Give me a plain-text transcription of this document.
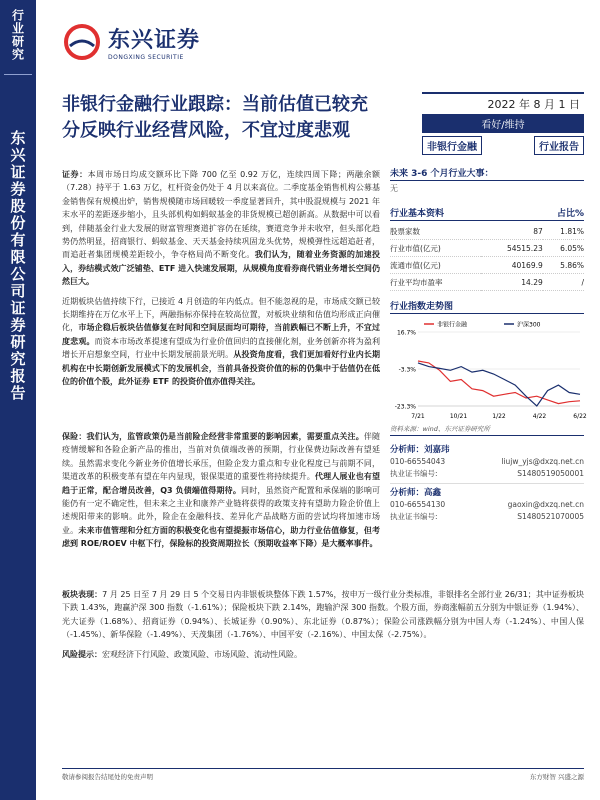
行业研究
东兴证券股份有限公司证券研究报告
东兴证券
DONGXING SECURITIE
非银行金融行业跟踪：当前估值已较充分反映行业经营风险，不宜过度悲观
2022 年 8 月 1 日
看好/维持
非银行金融	行业报告

证券：本周市场日均成交额环比下降 700 亿至 0.92 万亿，连续四周下降；两融余额（7.28）持平于 1.63 万亿，杠杆资金仍处于 4 月以来高位。二季度基金销售机构公募基金销售保有规模出炉，销售规模随市场回暖较一季度显著回升，其中股混规模与 2021 年末水平的差距逐步缩小，且头部机构如蚂蚁基金的非货规模已超创新高。从数据中可以看到，伴随基金行业大发展的财富管理赛道扩容仍在延续，赛道竞争并未收窄，但头部化趋势仍然明显，招商银行、蚂蚁基金、天天基金持续巩固龙头优势，规模弹性远超追赶者，而追赶者集团规模差距较小，争夺格局尚不断变化。我们认为，随着业务资源的加速投入，券结模式效广泛铺垫、ETF 进入快速发展期，从规模角度看券商代销业务增长空间仍然巨大。

近期板块估值持续下行，已接近 4 月创造的年内低点。但不能忽视的是，市场成交额已较长期维持在万亿水平上下，两融指标亦保持在较高位置，对板块业绩和估值均形成正向催化，市场企稳后板块估值修复在时间和空间层面均可期待，当前跌幅已不断上升，不宜过度悲观。而资本市场改革提速有望成为行业价值回归的直接催化剂，业务创新亦将为盈利增长开启想象空间，行业中长期发展前景光明。从投资角度看，我们更加看好行业内长期机构在中长期创新发展模式下的发展机会，当前具备投资价值的标的仍集中于估值仍在低位的价值个股，此外证券 ETF 的投资价值亦值得关注。

保险：我们认为，监管政策仍是当前险企经营非常重要的影响因素，需要重点关注。伴随疫情缓解和各险企新产品的推出，当前对负债端改善的预期，行业保费边际改善有望延续。虽然需求变化今新业务价值增长承压，但险企发力重点和专业化程度已与前期不同，渠道改革的积极变革有望在年内显现，银保渠道的重要性将持续提升。代理人展业也有望趋于正常，配合增员改善，Q3 负债端值得期待。同时，虽然资产配置和承保端的影响可能仍有一定不确定性，但未来之主业和康养产业链将获得的政策支持有望助力险企价值上述规阳带来的影响。此外，险企在金融科技、差异化产品战略方面的尝试均将加速市场业。未来市值管理和分红方面的积极变化也有望提振市场信心，助力行业估值修复，但考虑到 ROE/ROEV 中枢下行，保险标的投资周期拉长（预期收益率下降）是大概率事件。

板块表现：7 月 25 日至 7 月 29 日 5 个交易日内非银板块整体下跌 1.57%，按申万一级行业分类标准，非银排名全部行业 26/31；其中证券板块下跌 1.43%，跑赢沪深 300 指数（-1.61%）；保险板块下跌 2.14%，跑输沪深 300 指数。个股方面，券商涨幅前五分别为中银证券（1.94%）、光大证券（1.68%）、招商证券（0.94%）、长城证券（0.90%）、东北证券（0.87%）；保险公司涨跌幅分别为中国人寿（-1.24%）、中国人保（-1.45%）、新华保险（-1.49%）、天茂集团（-1.76%）、中国平安（-2.16%）、中国太保（-2.75%）。

风险提示：宏观经济下行风险、政策风险、市场风险、流动性风险。

未来 3-6 个月行业大事：
无
行业基本资料	占比%
股票家数	87	1.81%
行业市值(亿元)	54515.23	6.05%
流通市值(亿元)	40169.9	5.86%
行业平均市盈率	14.29	/
行业指数走势图
16.7%
-3.3%
-23.3%
7/21	10/21	1/22	4/22	6/22
非银行金融	沪深300
资料来源：wind、东兴证券研究所
分析师：刘嘉玮
010-66554043	liujw_yjs@dxzq.net.cn
执业证书编号:	S1480519050001
分析师：高鑫
010-66554130	gaoxin@dxzq.net.cn
执业证书编号:	S1480521070005
敬请参阅报告结尾处的免责声明	东方财智 兴盛之源
